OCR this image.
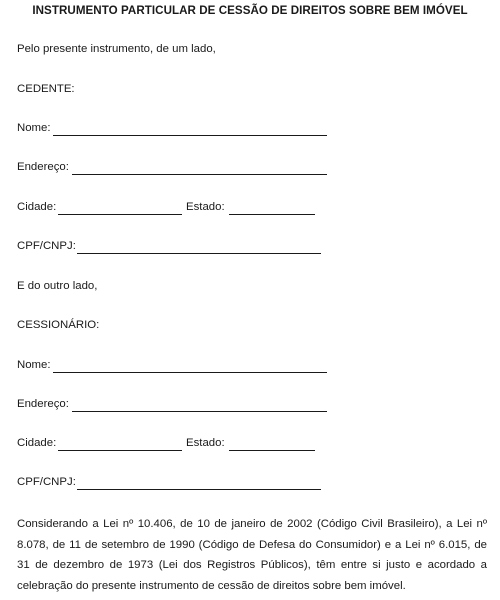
INSTRUMENTO PARTICULAR DE CESSÃO DE DIREITOS SOBRE BEM IMÓVEL

Pelo presente instrumento, de um lado,

CEDENTE:

Nome:
Endereço:
Cidade:	Estado:
CPF/CNPJ:

E do outro lado,

CESSIONÁRIO:

Nome:
Endereço:
Cidade:	Estado:
CPF/CNPJ:

Considerando a Lei nº 10.406, de 10 de janeiro de 2002 (Código Civil Brasileiro), a Lei nº 8.078, de 11 de setembro de 1990 (Código de Defesa do Consumidor) e a Lei nº 6.015, de 31 de dezembro de 1973 (Lei dos Registros Públicos), têm entre si justo e acordado a celebração do presente instrumento de cessão de direitos sobre bem imóvel.
